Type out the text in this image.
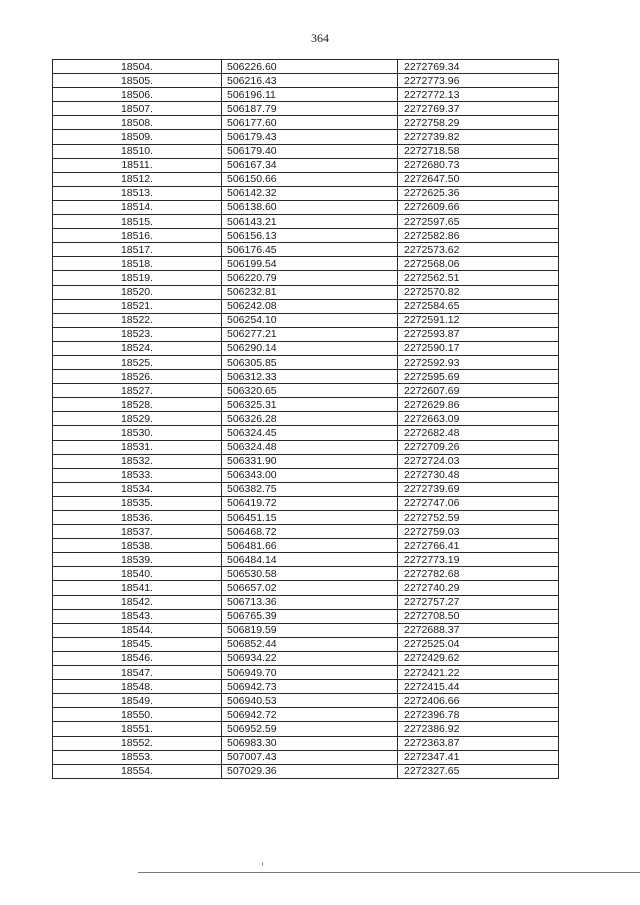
364
18504.	506226.60	2272769.34
18505.	506216.43	2272773.96
18506.	506196.11	2272772.13
18507.	506187.79	2272769.37
18508.	506177.60	2272758.29
18509.	506179.43	2272739.82
18510.	506179.40	2272718.58
18511.	506167.34	2272680.73
18512.	506150.66	2272647.50
18513.	506142.32	2272625.36
18514.	506138.60	2272609.66
18515.	506143.21	2272597.65
18516.	506156.13	2272582.86
18517.	506176.45	2272573.62
18518.	506199.54	2272568.06
18519.	506220.79	2272562.51
18520.	506232.81	2272570.82
18521.	506242.08	2272584.65
18522.	506254.10	2272591.12
18523.	506277.21	2272593.87
18524.	506290.14	2272590.17
18525.	506305.85	2272592.93
18526.	506312.33	2272595.69
18527.	506320.65	2272607.69
18528.	506325.31	2272629.86
18529.	506326.28	2272663.09
18530.	506324.45	2272682.48
18531.	506324.48	2272709.26
18532.	506331.90	2272724.03
18533.	506343.00	2272730.48
18534.	506382.75	2272739.69
18535.	506419.72	2272747.06
18536.	506451.15	2272752.59
18537.	506468.72	2272759.03
18538.	506481.66	2272766.41
18539.	506484.14	2272773.19
18540.	506530.58	2272782.68
18541.	506657.02	2272740.29
18542.	506713.36	2272757.27
18543.	506765.39	2272708.50
18544.	506819.59	2272688.37
18545.	506852.44	2272525.04
18546.	506934.22	2272429.62
18547.	506949.70	2272421.22
18548.	506942.73	2272415.44
18549.	506940.53	2272406.66
18550.	506942.72	2272396.78
18551.	506952.59	2272386.92
18552.	506983.30	2272363.87
18553.	507007.43	2272347.41
18554.	507029.36	2272327.65
